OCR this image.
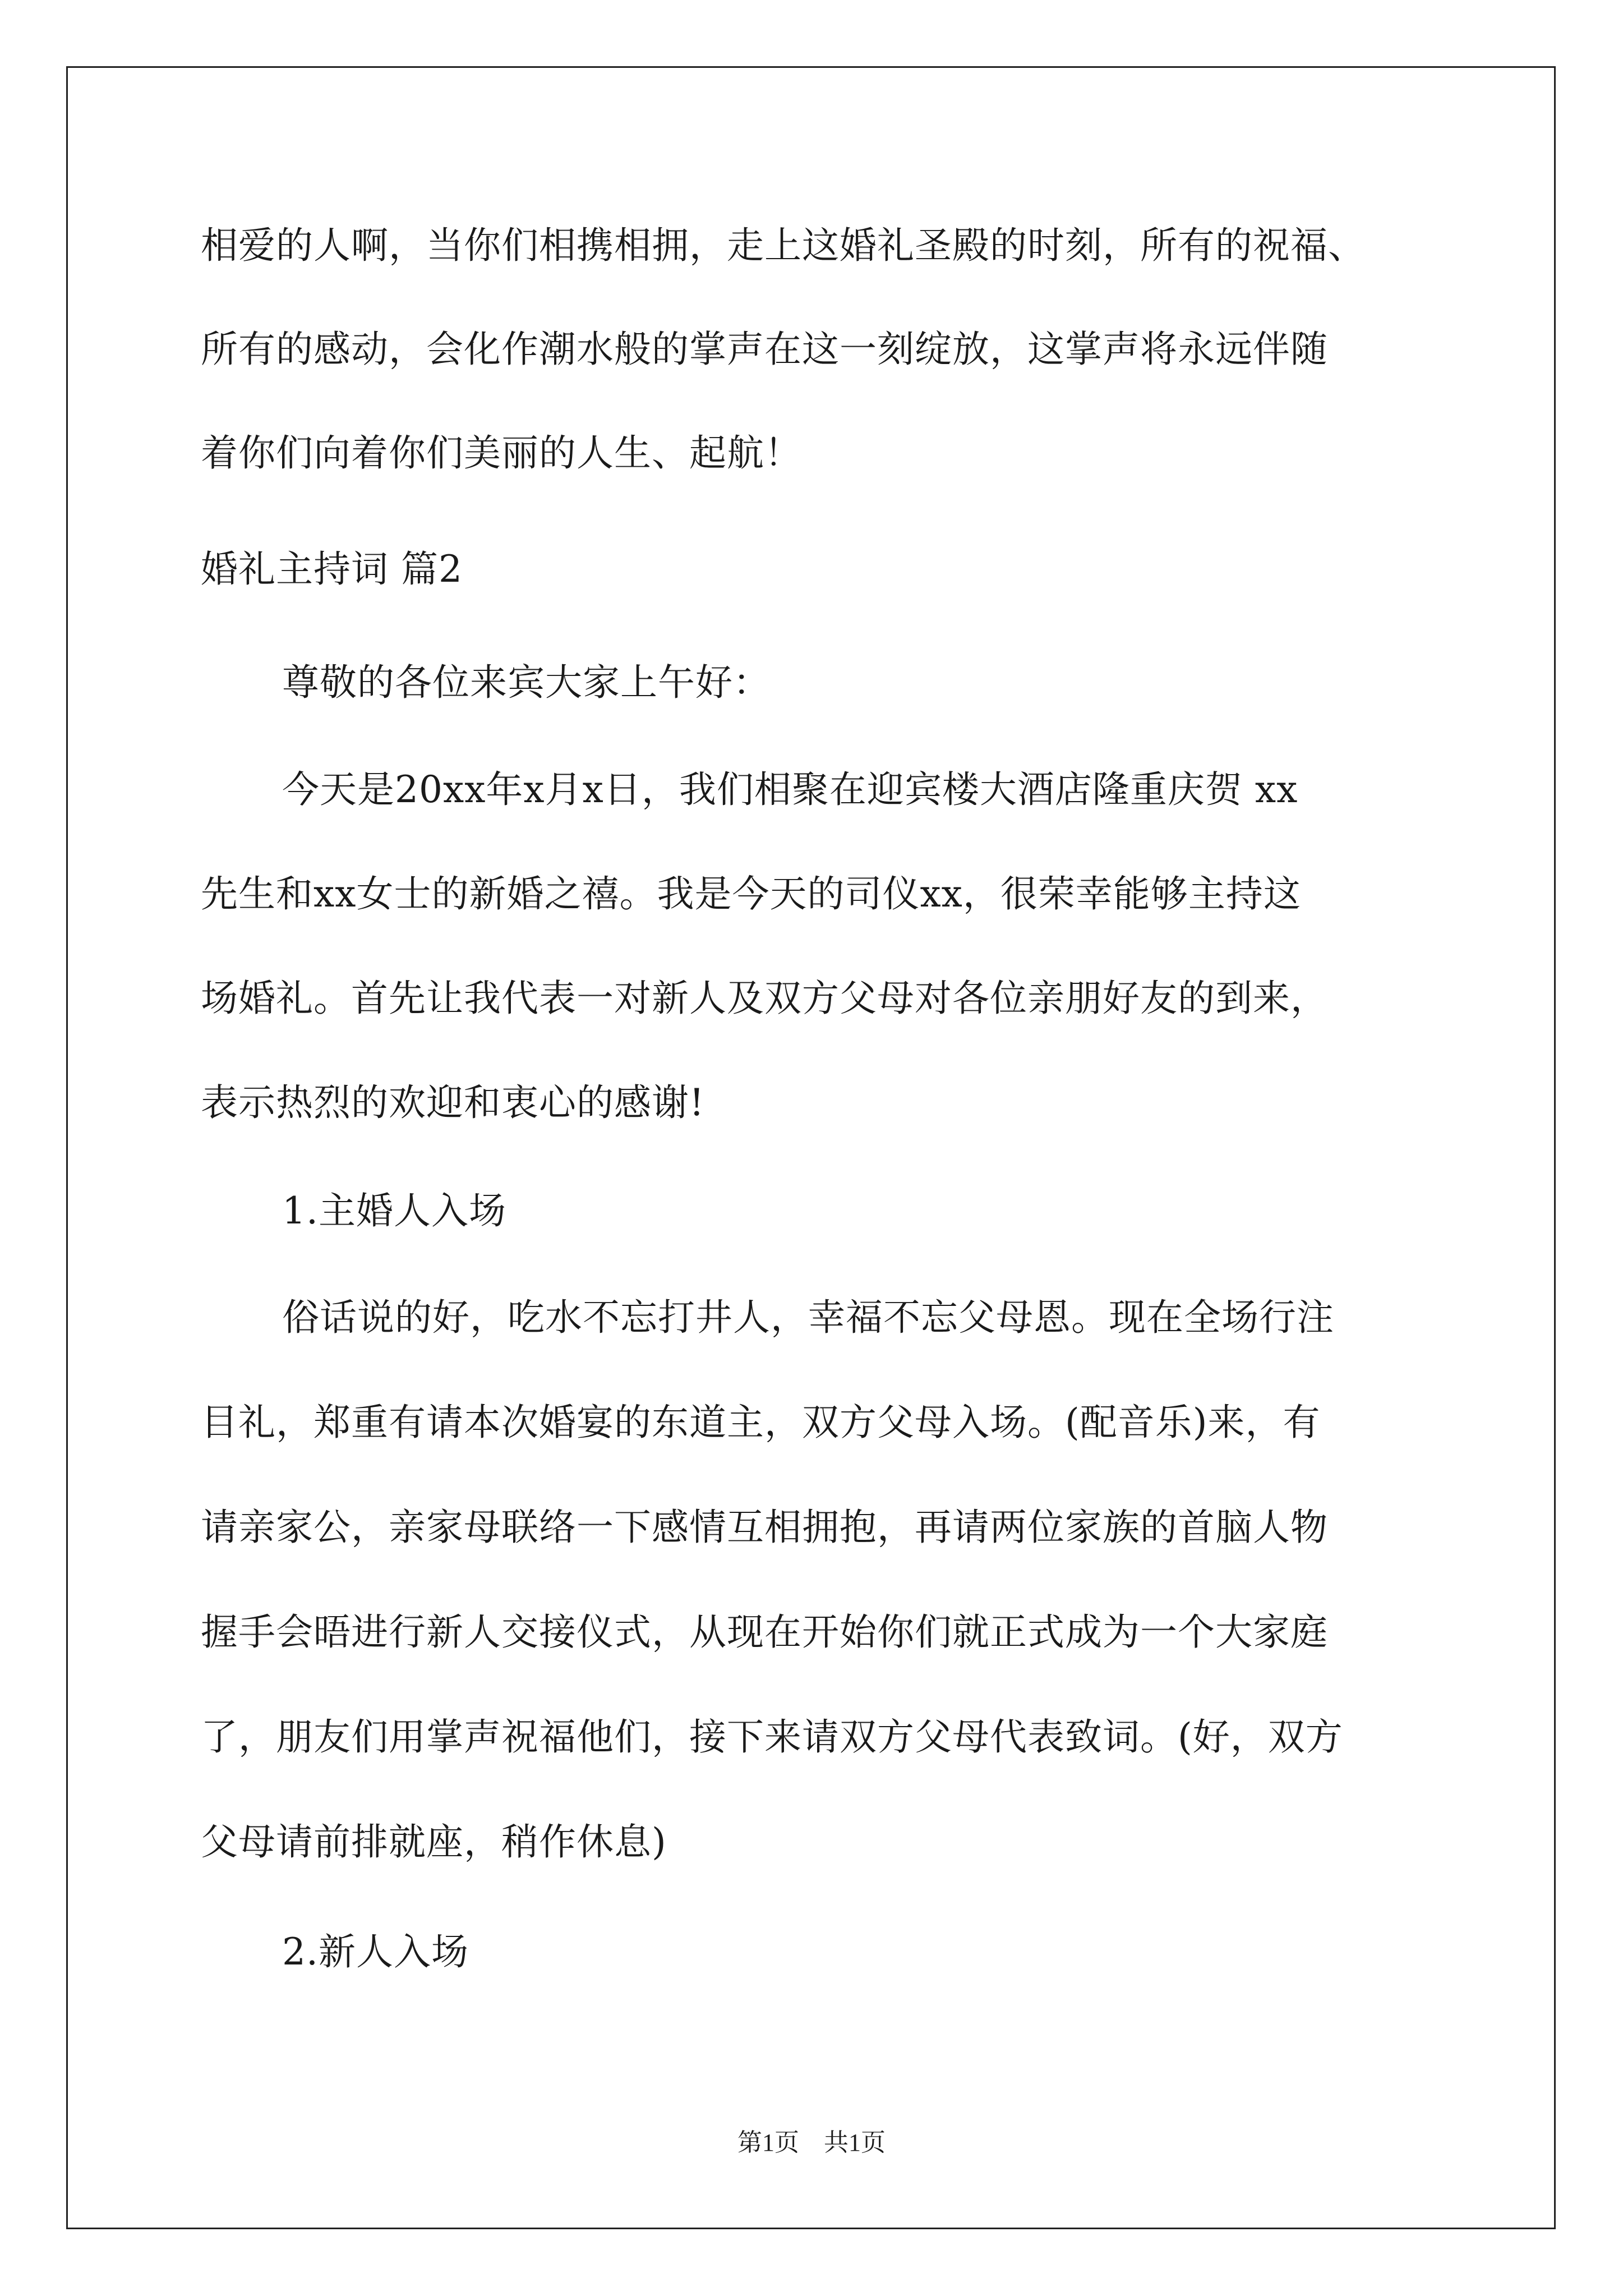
相爱的人啊，当你们相携相拥，走上这婚礼圣殿的时刻，所有的祝福、
所有的感动，会化作潮水般的掌声在这一刻绽放，这掌声将永远伴随
着你们向着你们美丽的人生、起航！
婚礼主持词 篇2
尊敬的各位来宾大家上午好：
今天是20xx年x月x日，我们相聚在迎宾楼大酒店隆重庆贺 xx
先生和xx女士的新婚之禧。我是今天的司仪xx，很荣幸能够主持这
场婚礼。首先让我代表一对新人及双方父母对各位亲朋好友的到来，
表示热烈的欢迎和衷心的感谢!
1.主婚人入场
俗话说的好，吃水不忘打井人，幸福不忘父母恩。现在全场行注
目礼，郑重有请本次婚宴的东道主，双方父母入场。(配音乐)来，有
请亲家公，亲家母联络一下感情互相拥抱，再请两位家族的首脑人物
握手会晤进行新人交接仪式，从现在开始你们就正式成为一个大家庭
了，朋友们用掌声祝福他们，接下来请双方父母代表致词。(好，双方
父母请前排就座，稍作休息)
2.新人入场
第1页　共1页
